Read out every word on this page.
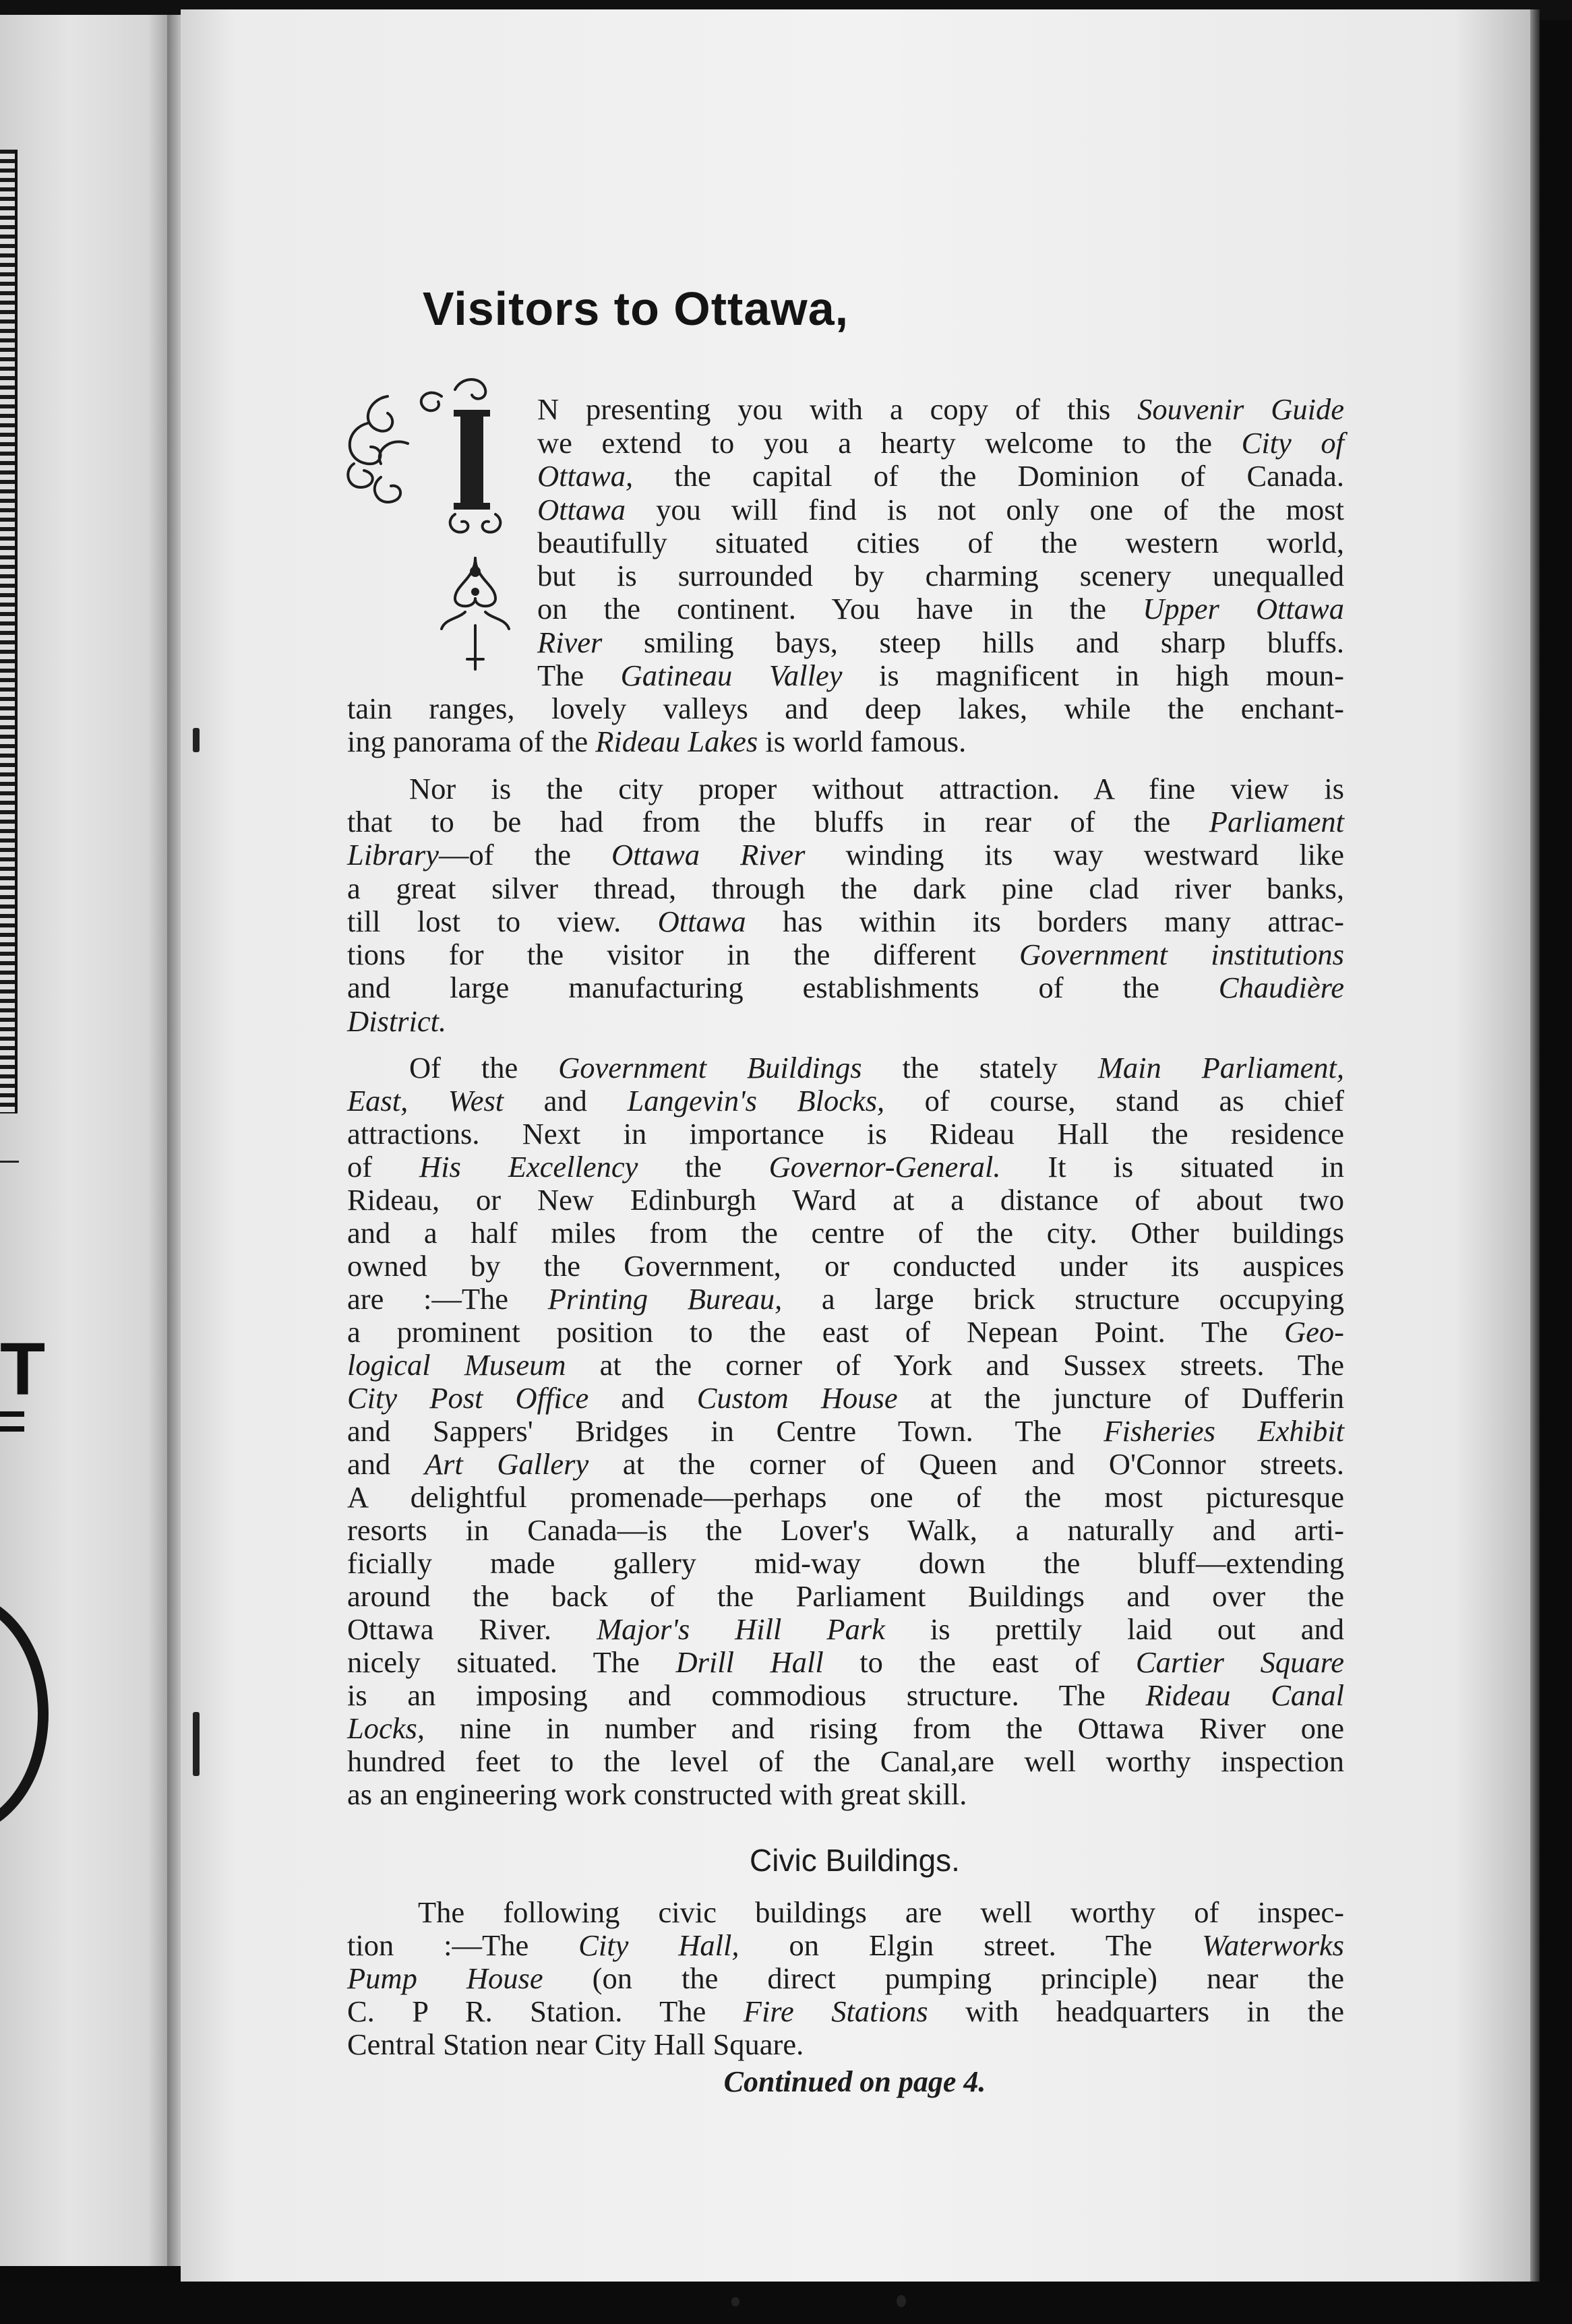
T
Visitors to Ottawa,
N presenting you with a copy of this Souvenir Guide
we extend to you a hearty welcome to the City of
Ottawa, the capital of the Dominion of Canada.
Ottawa you will find is not only one of the most
beautifully situated cities of the western world,
but is surrounded by charming scenery unequalled
on the continent. You have in the Upper Ottawa
River smiling bays, steep hills and sharp bluffs.
The Gatineau Valley is magnificent in high moun-
tain ranges, lovely valleys and deep lakes, while the enchant-
ing panorama of the Rideau Lakes is world famous.
Nor is the city proper without attraction. A fine view is
that to be had from the bluffs in rear of the Parliament
Library—of the Ottawa River winding its way westward like
a great silver thread, through the dark pine clad river banks,
till lost to view. Ottawa has within its borders many attrac-
tions for the visitor in the different Government institutions
and large manufacturing establishments of the Chaudière
District.
Of the Government Buildings the stately Main Parliament,
East, West and Langevin's Blocks, of course, stand as chief
attractions. Next in importance is Rideau Hall the residence
of His Excellency the Governor-General. It is situated in
Rideau, or New Edinburgh Ward at a distance of about two
and a half miles from the centre of the city. Other buildings
owned by the Government, or conducted under its auspices
are :—The Printing Bureau, a large brick structure occupying
a prominent position to the east of Nepean Point. The Geo-
logical Museum at the corner of York and Sussex streets. The
City Post Office and Custom House at the juncture of Dufferin
and Sappers' Bridges in Centre Town. The Fisheries Exhibit
and Art Gallery at the corner of Queen and O'Connor streets.
A delightful promenade—perhaps one of the most picturesque
resorts in Canada—is the Lover's Walk, a naturally and arti-
ficially made gallery mid-way down the bluff—extending
around the back of the Parliament Buildings and over the
Ottawa River. Major's Hill Park is prettily laid out and
nicely situated. The Drill Hall to the east of Cartier Square
is an imposing and commodious structure. The Rideau Canal
Locks, nine in number and rising from the Ottawa River one
hundred feet to the level of the Canal,are well worthy inspection
as an engineering work constructed with great skill.
Civic Buildings.
The following civic buildings are well worthy of inspec-
tion :—The City Hall, on Elgin street. The Waterworks
Pump House (on the direct pumping principle) near the
C. P R. Station. The Fire Stations with headquarters in the
Central Station near City Hall Square.
Continued on page 4.
